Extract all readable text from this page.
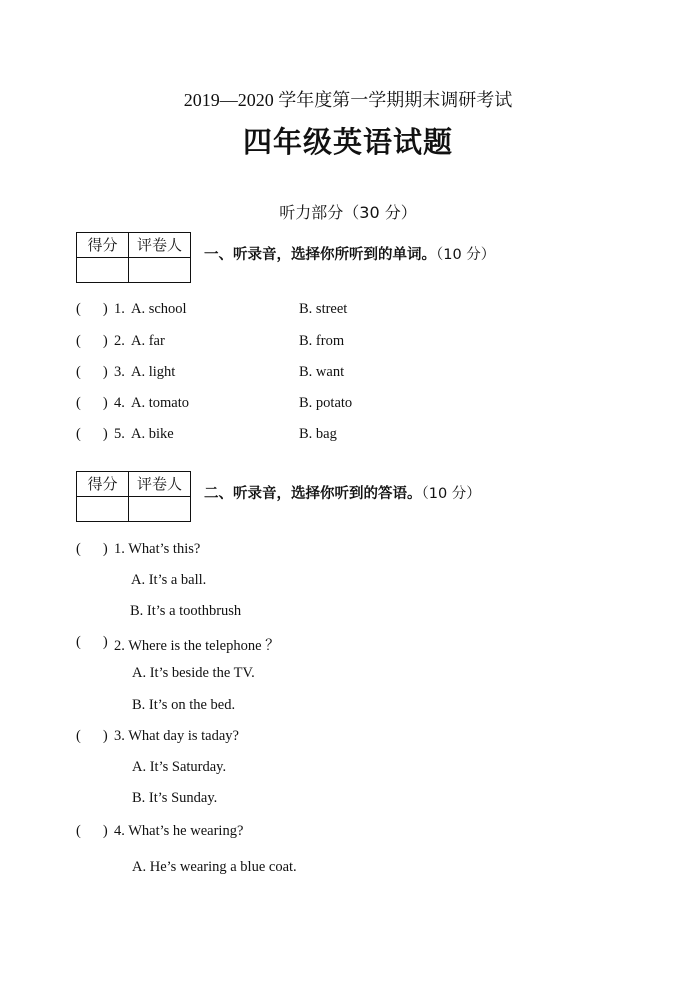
2019—2020 学年度第一学期期末调研考试
四年级英语试题
听力部分（30 分）
得分	评卷人

一、听录音，选择你所听到的单词。（10 分）
( ) 1. A. school	B. street
( ) 2. A. far	B. from
( ) 3. A. light	B. want
( ) 4. A. tomato	B. potato
( ) 5. A. bike	B. bag
得分	评卷人

二、听录音，选择你听到的答语。（10 分）
( ) 1. What’s this?
A. It’s a ball.
B. It’s a toothbrush
( ) 2. Where is the telephone ？
A. It’s beside the TV.
B. It’s on the bed.
( ) 3. What day is taday?
A. It’s Saturday.
B. It’s Sunday.
( ) 4. What’s he wearing?
A. He’s wearing a blue coat.
